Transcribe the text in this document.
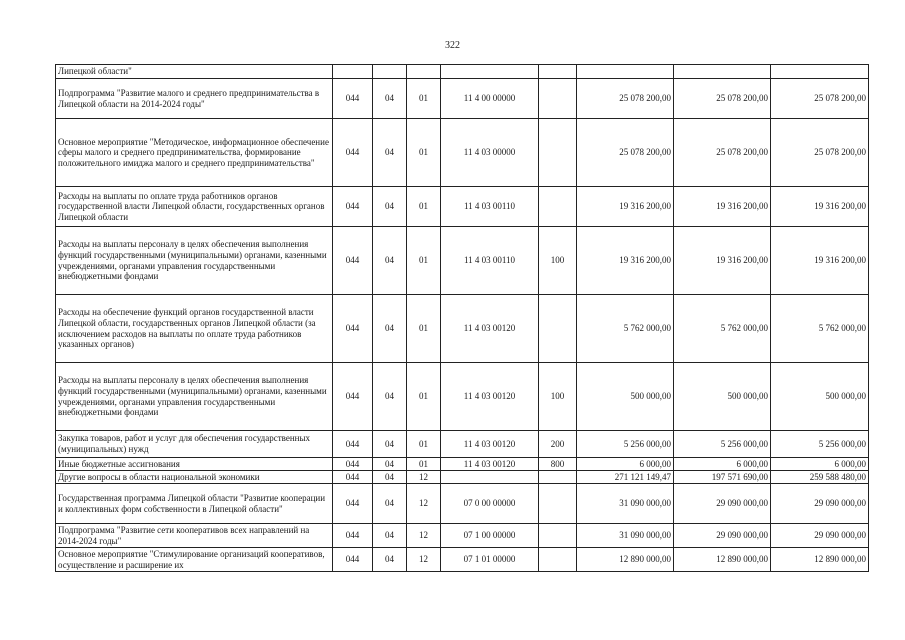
322
Липецкой области"								
Подпрограмма "Развитие малого и среднего предпринимательства в Липецкой области на 2014-2024 годы"	044	04	01	11 4 00 00000		25 078 200,00	25 078 200,00	25 078 200,00
Основное мероприятие "Методическое, информационное обеспечение сферы малого и среднего предпринимательства, формирование положительного имиджа малого и среднего предпринимательства"	044	04	01	11 4 03 00000		25 078 200,00	25 078 200,00	25 078 200,00
Расходы на выплаты по оплате труда работников органов государственной власти Липецкой области, государственных органов Липецкой области	044	04	01	11 4 03 00110		19 316 200,00	19 316 200,00	19 316 200,00
Расходы на выплаты персоналу в целях обеспечения выполнения функций государственными (муниципальными) органами, казенными учреждениями, органами управления государственными внебюджетными фондами	044	04	01	11 4 03 00110	100	19 316 200,00	19 316 200,00	19 316 200,00
Расходы на обеспечение функций органов государственной власти Липецкой области, государственных органов Липецкой области (за исключением расходов на выплаты по оплате труда работников указанных органов)	044	04	01	11 4 03 00120		5 762 000,00	5 762 000,00	5 762 000,00
Расходы на выплаты персоналу в целях обеспечения выполнения функций государственными (муниципальными) органами, казенными учреждениями, органами управления государственными внебюджетными фондами	044	04	01	11 4 03 00120	100	500 000,00	500 000,00	500 000,00
Закупка товаров, работ и услуг для обеспечения государственных (муниципальных) нужд	044	04	01	11 4 03 00120	200	5 256 000,00	5 256 000,00	5 256 000,00
Иные бюджетные ассигнования	044	04	01	11 4 03 00120	800	6 000,00	6 000,00	6 000,00
Другие вопросы в области национальной экономики	044	04	12			271 121 149,47	197 571 690,00	259 588 480,00
Государственная программа Липецкой области "Развитие кооперации и коллективных форм собственности в Липецкой области"	044	04	12	07 0 00 00000		31 090 000,00	29 090 000,00	29 090 000,00
Подпрограмма "Развитие сети кооперативов всех направлений на 2014-2024 годы"	044	04	12	07 1 00 00000		31 090 000,00	29 090 000,00	29 090 000,00
Основное мероприятие "Стимулирование организаций кооперативов, осуществление и расширение их	044	04	12	07 1 01 00000		12 890 000,00	12 890 000,00	12 890 000,00
